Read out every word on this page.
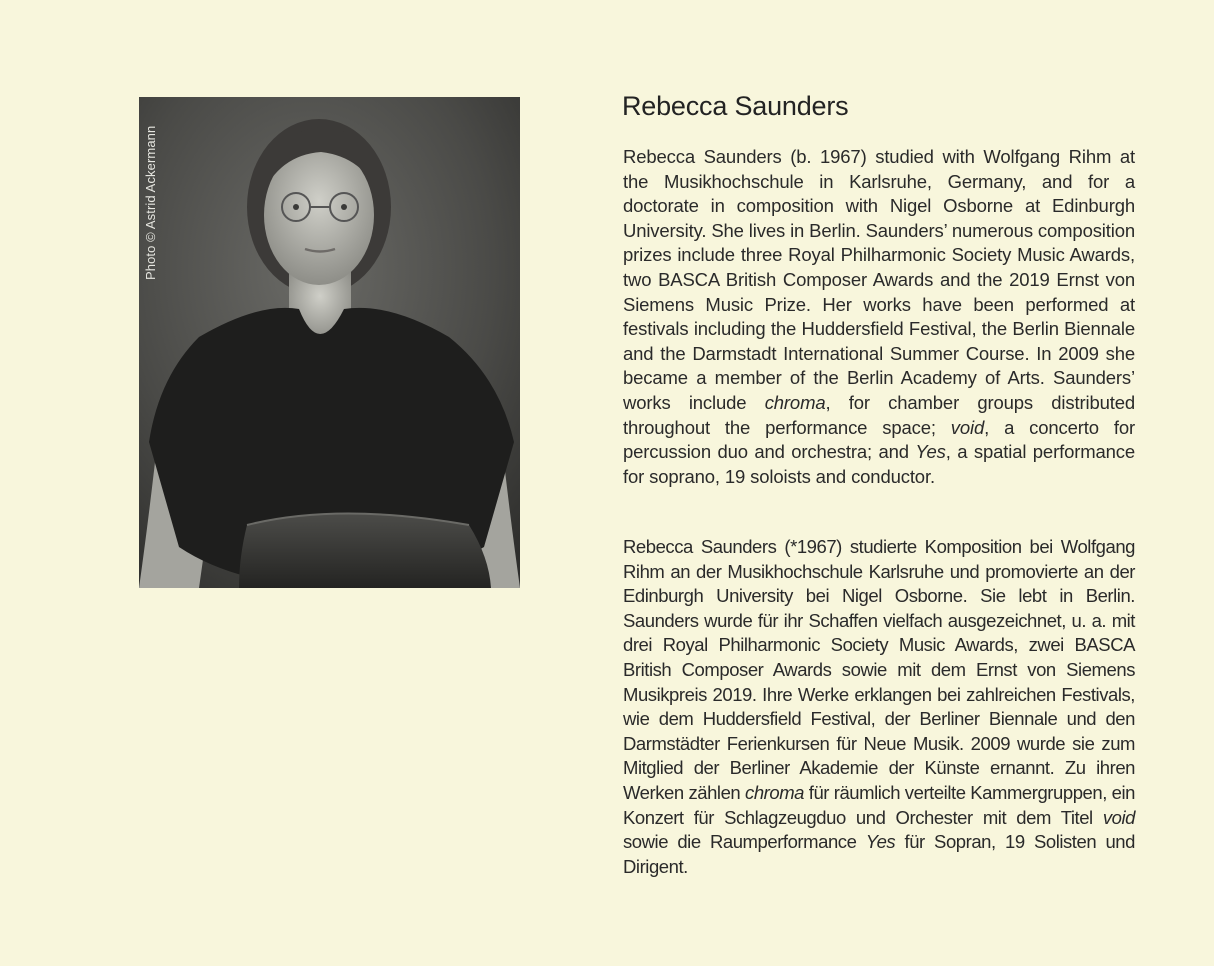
Photo © Astrid Ackermann
Rebecca Saunders

Rebecca Saunders (b. 1967) studied with Wolfgang Rihm at the Musikhochschule in Karlsruhe, Germany, and for a doctorate in composition with Nigel Osborne at Edinburgh University. She lives in Berlin. Saunders’ numerous composition prizes include three Royal Philharmonic Society Music Awards, two BASCA British Composer Awards and the 2019 Ernst von Siemens Music Prize. Her works have been performed at festivals including the Huddersfield Festival, the Berlin Biennale and the Darmstadt International Summer Course. In 2009 she became a member of the Berlin Academy of Arts. Saunders’ works include chroma, for chamber groups distributed throughout the performance space; void, a concerto for percussion duo and orchestra; and Yes, a spatial performance for soprano, 19 soloists and conductor.

Rebecca Saunders (*1967) studierte Komposition bei Wolfgang Rihm an der Musikhochschule Karlsruhe und promovierte an der Edinburgh University bei Nigel Osborne. Sie lebt in Berlin. Saunders wurde für ihr Schaffen vielfach ausgezeichnet, u. a. mit drei Royal Philharmonic Society Music Awards, zwei BASCA British Composer Awards sowie mit dem Ernst von Siemens Musikpreis 2019. Ihre Werke erklangen bei zahlreichen Festivals, wie dem Huddersfield Festival, der Berliner Biennale und den Darmstädter Ferienkursen für Neue Musik. 2009 wurde sie zum Mitglied der Berliner Akademie der Künste ernannt. Zu ihren Werken zählen chroma für räumlich verteilte Kammergruppen, ein Konzert für Schlagzeugduo und Orchester mit dem Titel void sowie die Raumperformance Yes für Sopran, 19 Solisten und Dirigent.
